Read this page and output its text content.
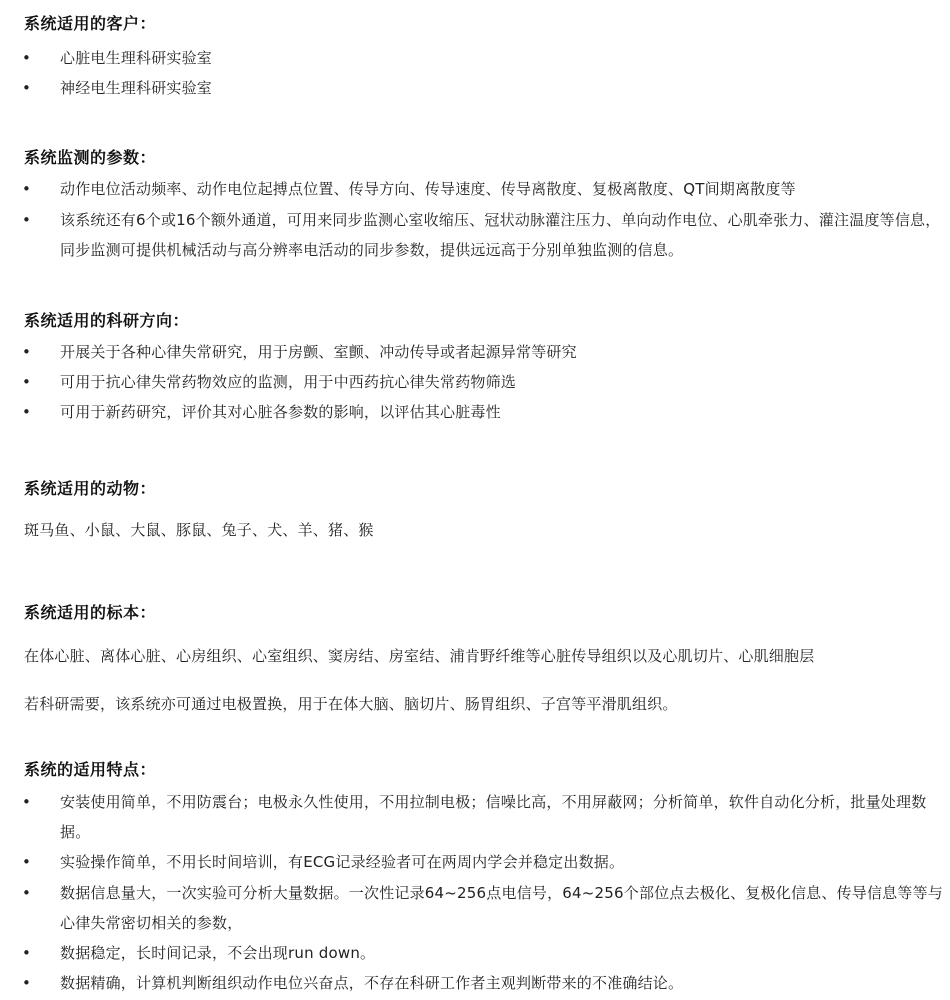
系统适用的客户：
• 心脏电生理科研实验室
• 神经电生理科研实验室
系统监测的参数：
• 动作电位活动频率、动作电位起搏点位置、传导方向、传导速度、传导离散度、复极离散度、QT间期离散度等
• 该系统还有6个或16个额外通道，可用来同步监测心室收缩压、冠状动脉灌注压力、单向动作电位、心肌牵张力、灌注温度等信息，同步监测可提供机械活动与高分辨率电活动的同步参数，提供远远高于分别单独监测的信息。
系统适用的科研方向：
• 开展关于各种心律失常研究，用于房颤、室颤、冲动传导或者起源异常等研究
• 可用于抗心律失常药物效应的监测，用于中西药抗心律失常药物筛选
• 可用于新药研究，评价其对心脏各参数的影响，以评估其心脏毒性
系统适用的动物：
斑马鱼、小鼠、大鼠、豚鼠、兔子、犬、羊、猪、猴
系统适用的标本：
在体心脏、离体心脏、心房组织、心室组织、窦房结、房室结、浦肯野纤维等心脏传导组织以及心肌切片、心肌细胞层
若科研需要，该系统亦可通过电极置换，用于在体大脑、脑切片、肠胃组织、子宫等平滑肌组织。
系统的适用特点：
• 安装使用简单，不用防震台；电极永久性使用，不用拉制电极；信噪比高，不用屏蔽网；分析简单，软件自动化分析，批量处理数据。
• 实验操作简单，不用长时间培训，有ECG记录经验者可在两周内学会并稳定出数据。
• 数据信息量大，一次实验可分析大量数据。一次性记录64~256点电信号，64~256个部位点去极化、复极化信息、传导信息等等与心律失常密切相关的参数，
• 数据稳定，长时间记录，不会出现run down。
• 数据精确，计算机判断组织动作电位兴奋点，不存在科研工作者主观判断带来的不准确结论。
